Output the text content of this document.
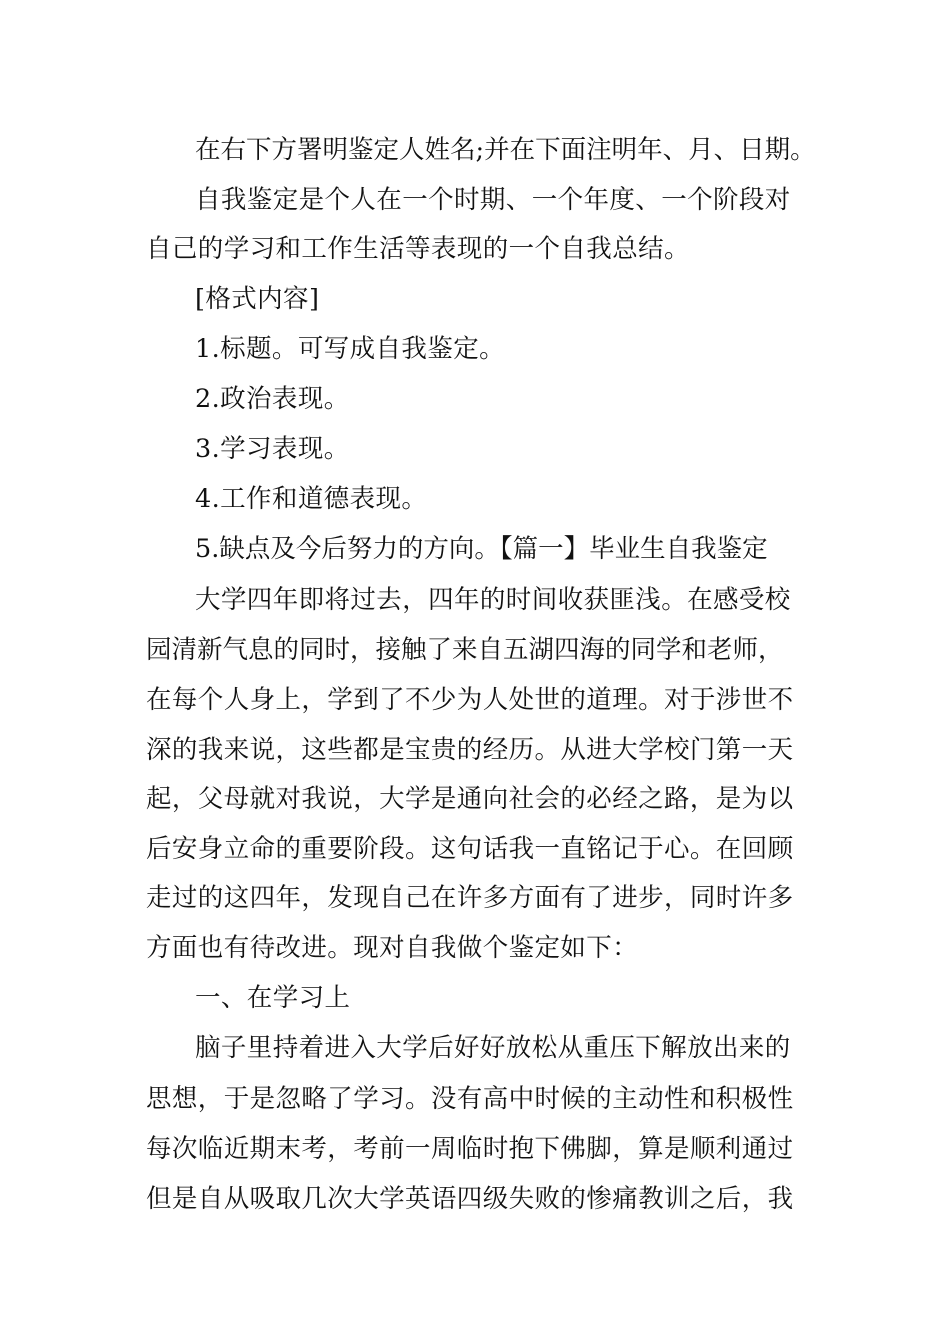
在右下方署明鉴定人姓名;并在下面注明年、月、日期。
自我鉴定是个人在一个时期、一个年度、一个阶段对
自己的学习和工作生活等表现的一个自我总结。
[格式内容]
1.标题。可写成自我鉴定。
2.政治表现。
3.学习表现。
4.工作和道德表现。
5.缺点及今后努力的方向。【篇一】毕业生自我鉴定
大学四年即将过去，四年的时间收获匪浅。在感受校
园清新气息的同时，接触了来自五湖四海的同学和老师，
在每个人身上，学到了不少为人处世的道理。对于涉世不
深的我来说，这些都是宝贵的经历。从进大学校门第一天
起，父母就对我说，大学是通向社会的必经之路，是为以
后安身立命的重要阶段。这句话我一直铭记于心。在回顾
走过的这四年，发现自己在许多方面有了进步，同时许多
方面也有待改进。现对自我做个鉴定如下：
一、在学习上
脑子里持着进入大学后好好放松从重压下解放出来的
思想，于是忽略了学习。没有高中时候的主动性和积极性
每次临近期末考，考前一周临时抱下佛脚，算是顺利通过
但是自从吸取几次大学英语四级失败的惨痛教训之后，我
